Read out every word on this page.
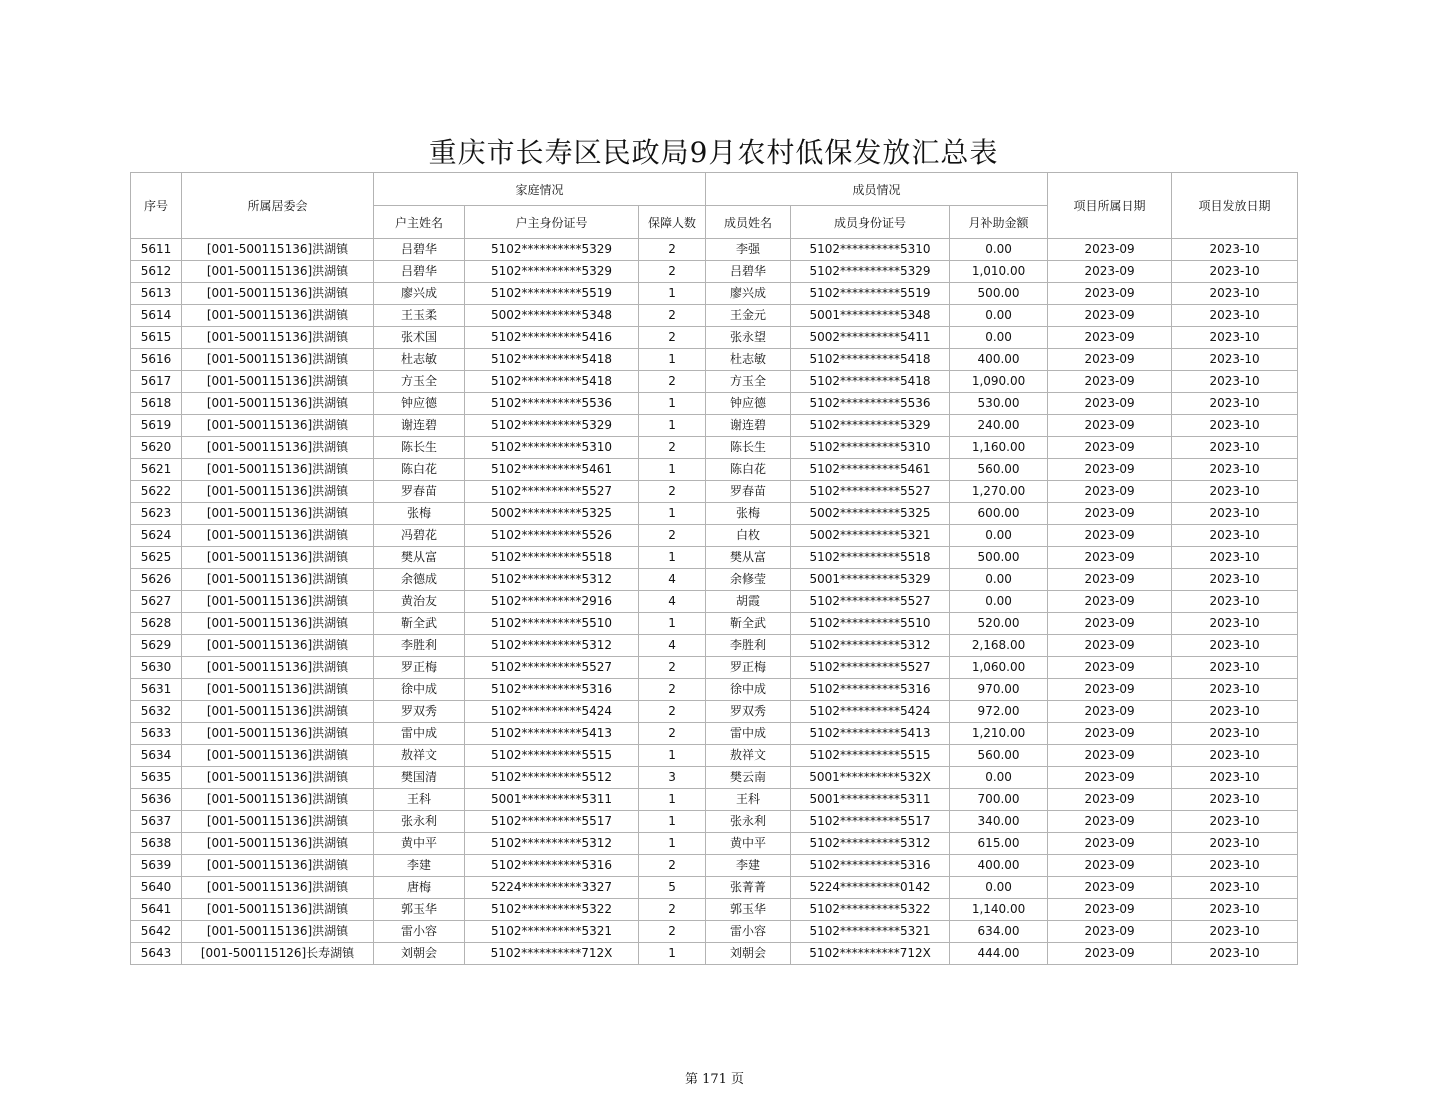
重庆市长寿区民政局9月农村低保发放汇总表
序号	所属居委会	家庭情况			成员情况			项目所属日期	项目发放日期
		户主姓名	户主身份证号	保障人数	成员姓名	成员身份证号	月补助金额		
5611	[001-500115136]洪湖镇	吕碧华	5102**********5329	2	李强	5102**********5310	0.00	2023-09	2023-10
5612	[001-500115136]洪湖镇	吕碧华	5102**********5329	2	吕碧华	5102**********5329	1,010.00	2023-09	2023-10
5613	[001-500115136]洪湖镇	廖兴成	5102**********5519	1	廖兴成	5102**********5519	500.00	2023-09	2023-10
5614	[001-500115136]洪湖镇	王玉柔	5002**********5348	2	王金元	5001**********5348	0.00	2023-09	2023-10
5615	[001-500115136]洪湖镇	张术国	5102**********5416	2	张永望	5002**********5411	0.00	2023-09	2023-10
5616	[001-500115136]洪湖镇	杜志敏	5102**********5418	1	杜志敏	5102**********5418	400.00	2023-09	2023-10
5617	[001-500115136]洪湖镇	方玉全	5102**********5418	2	方玉全	5102**********5418	1,090.00	2023-09	2023-10
5618	[001-500115136]洪湖镇	钟应德	5102**********5536	1	钟应德	5102**********5536	530.00	2023-09	2023-10
5619	[001-500115136]洪湖镇	谢连碧	5102**********5329	1	谢连碧	5102**********5329	240.00	2023-09	2023-10
5620	[001-500115136]洪湖镇	陈长生	5102**********5310	2	陈长生	5102**********5310	1,160.00	2023-09	2023-10
5621	[001-500115136]洪湖镇	陈白花	5102**********5461	1	陈白花	5102**********5461	560.00	2023-09	2023-10
5622	[001-500115136]洪湖镇	罗春苗	5102**********5527	2	罗春苗	5102**********5527	1,270.00	2023-09	2023-10
5623	[001-500115136]洪湖镇	张梅	5002**********5325	1	张梅	5002**********5325	600.00	2023-09	2023-10
5624	[001-500115136]洪湖镇	冯碧花	5102**********5526	2	白枚	5002**********5321	0.00	2023-09	2023-10
5625	[001-500115136]洪湖镇	樊从富	5102**********5518	1	樊从富	5102**********5518	500.00	2023-09	2023-10
5626	[001-500115136]洪湖镇	余德成	5102**********5312	4	余修莹	5001**********5329	0.00	2023-09	2023-10
5627	[001-500115136]洪湖镇	黄治友	5102**********2916	4	胡霞	5102**********5527	0.00	2023-09	2023-10
5628	[001-500115136]洪湖镇	靳全武	5102**********5510	1	靳全武	5102**********5510	520.00	2023-09	2023-10
5629	[001-500115136]洪湖镇	李胜利	5102**********5312	4	李胜利	5102**********5312	2,168.00	2023-09	2023-10
5630	[001-500115136]洪湖镇	罗正梅	5102**********5527	2	罗正梅	5102**********5527	1,060.00	2023-09	2023-10
5631	[001-500115136]洪湖镇	徐中成	5102**********5316	2	徐中成	5102**********5316	970.00	2023-09	2023-10
5632	[001-500115136]洪湖镇	罗双秀	5102**********5424	2	罗双秀	5102**********5424	972.00	2023-09	2023-10
5633	[001-500115136]洪湖镇	雷中成	5102**********5413	2	雷中成	5102**********5413	1,210.00	2023-09	2023-10
5634	[001-500115136]洪湖镇	敖祥文	5102**********5515	1	敖祥文	5102**********5515	560.00	2023-09	2023-10
5635	[001-500115136]洪湖镇	樊国清	5102**********5512	3	樊云南	5001**********532X	0.00	2023-09	2023-10
5636	[001-500115136]洪湖镇	王科	5001**********5311	1	王科	5001**********5311	700.00	2023-09	2023-10
5637	[001-500115136]洪湖镇	张永利	5102**********5517	1	张永利	5102**********5517	340.00	2023-09	2023-10
5638	[001-500115136]洪湖镇	黄中平	5102**********5312	1	黄中平	5102**********5312	615.00	2023-09	2023-10
5639	[001-500115136]洪湖镇	李建	5102**********5316	2	李建	5102**********5316	400.00	2023-09	2023-10
5640	[001-500115136]洪湖镇	唐梅	5224**********3327	5	张菁菁	5224**********0142	0.00	2023-09	2023-10
5641	[001-500115136]洪湖镇	郭玉华	5102**********5322	2	郭玉华	5102**********5322	1,140.00	2023-09	2023-10
5642	[001-500115136]洪湖镇	雷小容	5102**********5321	2	雷小容	5102**********5321	634.00	2023-09	2023-10
5643	[001-500115126]长寿湖镇	刘朝会	5102**********712X	1	刘朝会	5102**********712X	444.00	2023-09	2023-10
第 171 页
